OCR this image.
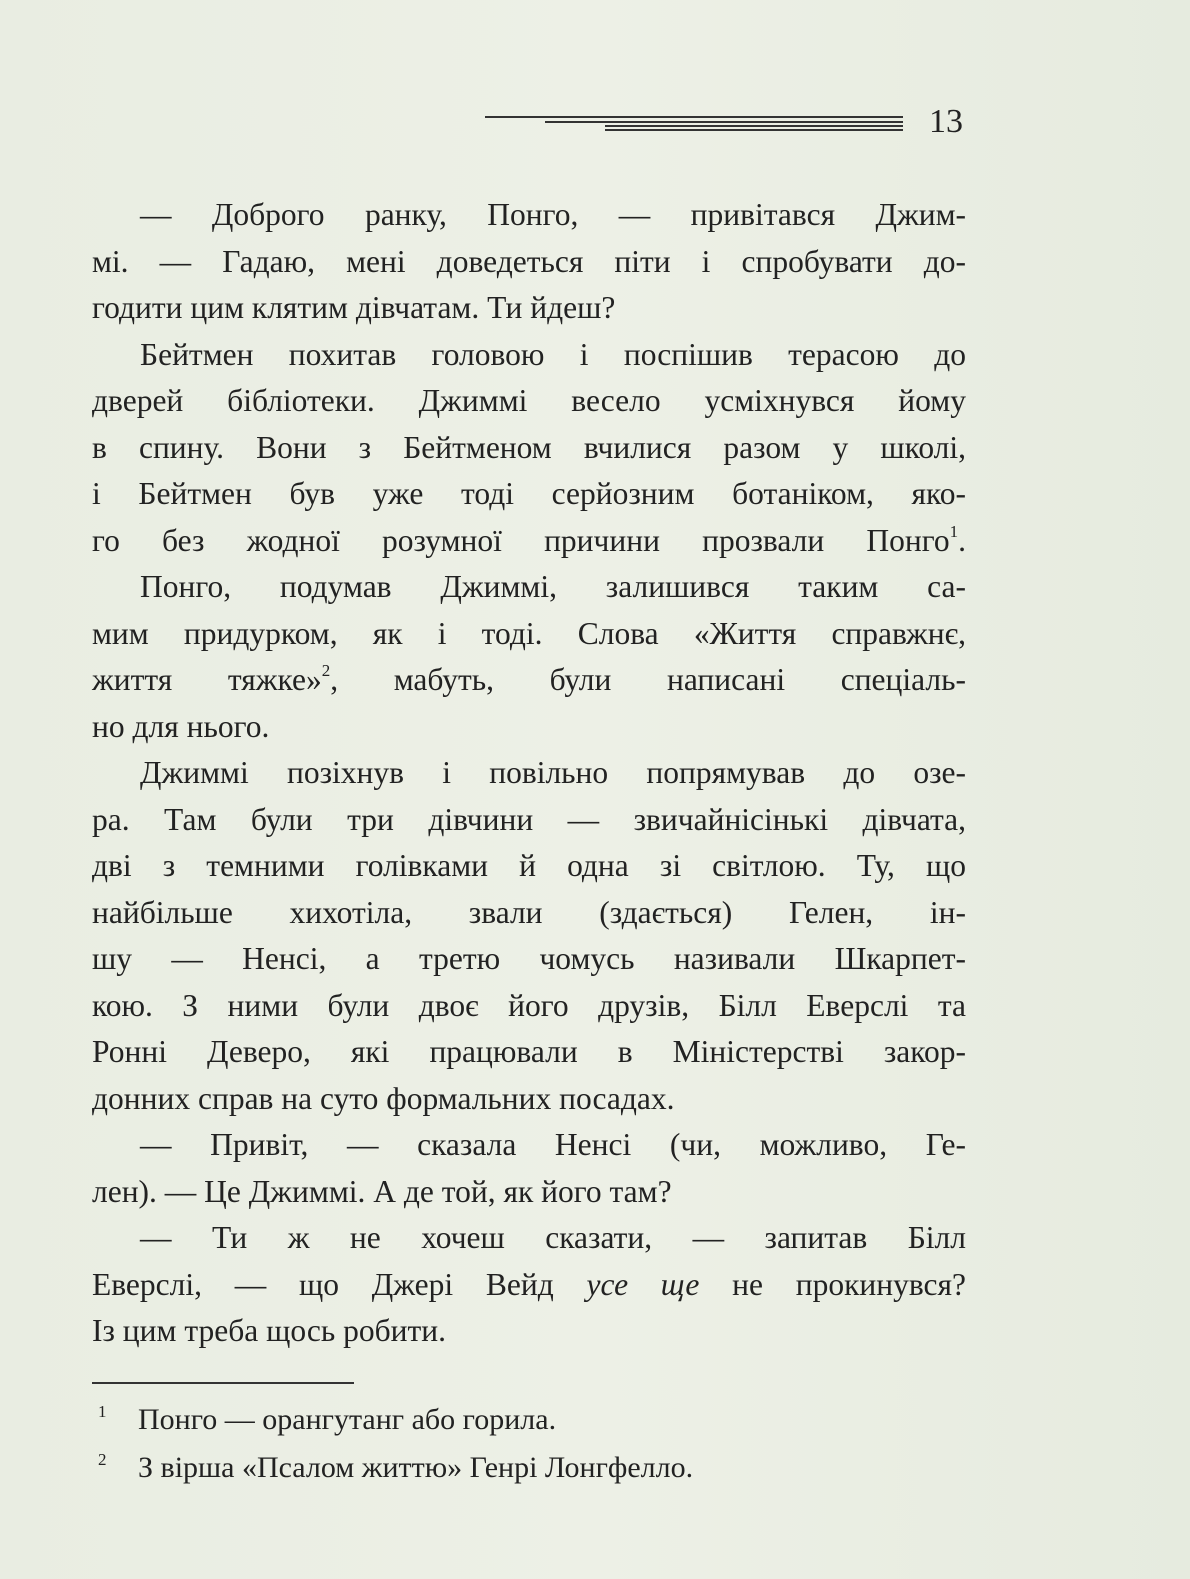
13
— Доброго ранку, Понго, — привітався Джим-
мі. — Гадаю, мені доведеться піти і спробувати до-
годити цим клятим дівчатам. Ти йдеш?
Бейтмен похитав головою і поспішив терасою до
дверей бібліотеки. Джиммі весело усміхнувся йому
в спину. Вони з Бейтменом вчилися разом у школі,
і Бейтмен був уже тоді серйозним ботаніком, яко-
го без жодної розумної причини прозвали Понго$^1$.
Понго, подумав Джиммі, залишився таким са-
мим придурком, як і тоді. Слова «Життя справжнє,
життя тяжке»$^2$, мабуть, були написані спеціаль-
но для нього.
Джиммі позіхнув і повільно попрямував до озе-
ра. Там були три дівчини — звичайнісінькі дівчата,
дві з темними голівками й одна зі світлою. Ту, що
найбільше хихотіла, звали (здається) Гелен, ін-
шу — Ненсі, а третю чомусь називали Шкарпет-
кою. З ними були двоє його друзів, Білл Еверслі та
Ронні Деверо, які працювали в Міністерстві закор-
донних справ на суто формальних посадах.
— Привіт, — сказала Ненсі (чи, можливо, Ге-
лен). — Це Джиммі. А де той, як його там?
— Ти ж не хочеш сказати, — запитав Білл
Еверслі, — що Джері Вейд усе ще не прокинувся?
Із цим треба щось робити.
1	Понго — орангутанг або горила.
2	З вірша «Псалом життю» Генрі Лонгфелло.
